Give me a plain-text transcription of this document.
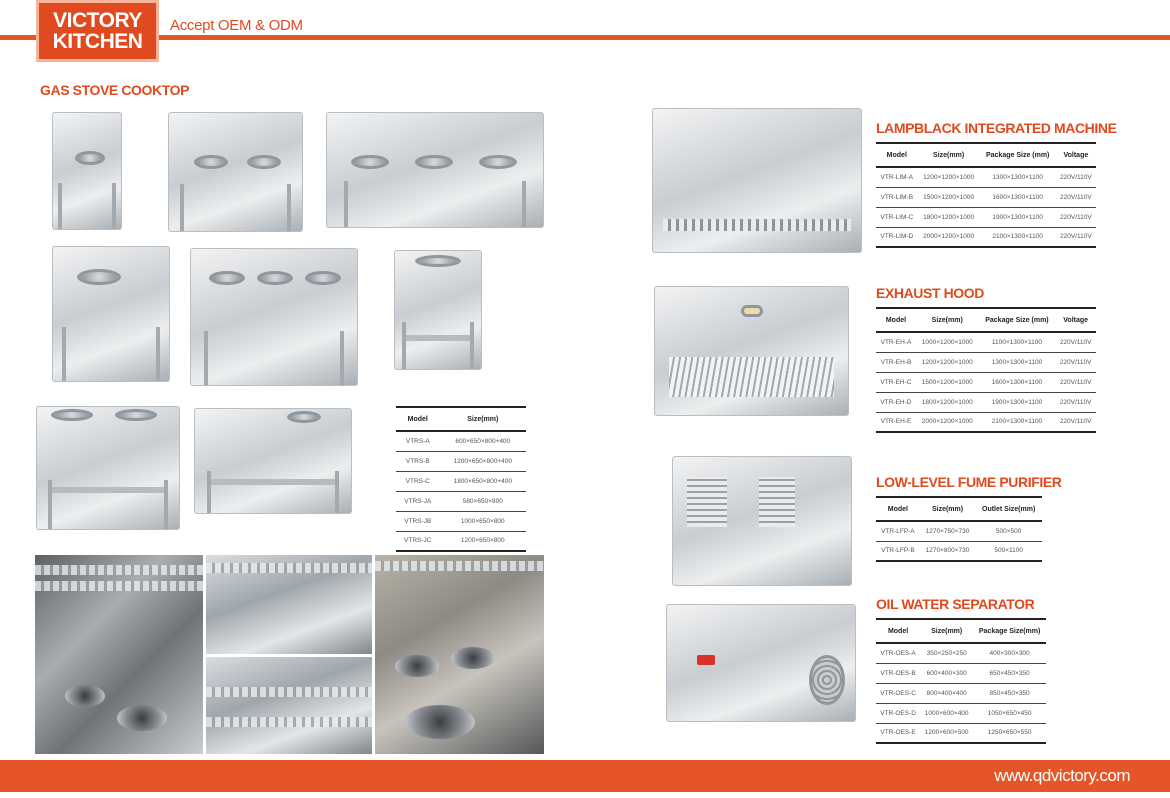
VICTORY
KITCHEN
Accept OEM & ODM
GAS STOVE COOKTOP
Model	Size(mm)
VTRS-A	600×650×800+400
VTRS-B	1200×650×800+400
VTRS-C	1800×650×800+400
VTRS-JA	580×650×800
VTRS-JB	1000×650×800
VTRS-JC	1200×650×800
LAMPBLACK INTEGRATED MACHINE
Model	Size(mm)	Package Size (mm)	Voltage
VTR-LIM-A	1200×1200×1000	1300×1300×1100	220V/110V
VTR-LIM-B	1500×1200×1000	1600×1300×1100	220V/110V
VTR-LIM-C	1800×1200×1000	1900×1300×1100	220V/110V
VTR-LIM-D	2000×1200×1000	2100×1300×1100	220V/110V
EXHAUST HOOD
Model	Size(mm)	Package Size (mm)	Voltage
VTR-EH-A	1000×1200×1000	1100×1300×1100	220V/110V
VTR-EH-B	1200×1200×1000	1300×1300×1100	220V/110V
VTR-EH-C	1500×1200×1000	1600×1300×1100	220V/110V
VTR-EH-D	1800×1200×1000	1900×1300×1100	220V/110V
VTR-EH-E	2000×1200×1000	2100×1300×1100	220V/110V
LOW-LEVEL FUME PURIFIER
Model	Size(mm)	Outlet Size(mm)
VTR-LFP-A	1270×750×730	500×500
VTR-LFP-B	1270×800×730	500×1100
OIL WATER SEPARATOR
Model	Size(mm)	Package Size(mm)
VTR-OES-A	350×250×250	400×300×300
VTR-OES-B	600×400×300	650×450×350
VTR-OES-C	800×400×400	850×450×350
VTR-OES-D	1000×600×400	1050×650×450
VTR-OES-E	1200×600×500	1250×650×550
www.qdvictory.com
